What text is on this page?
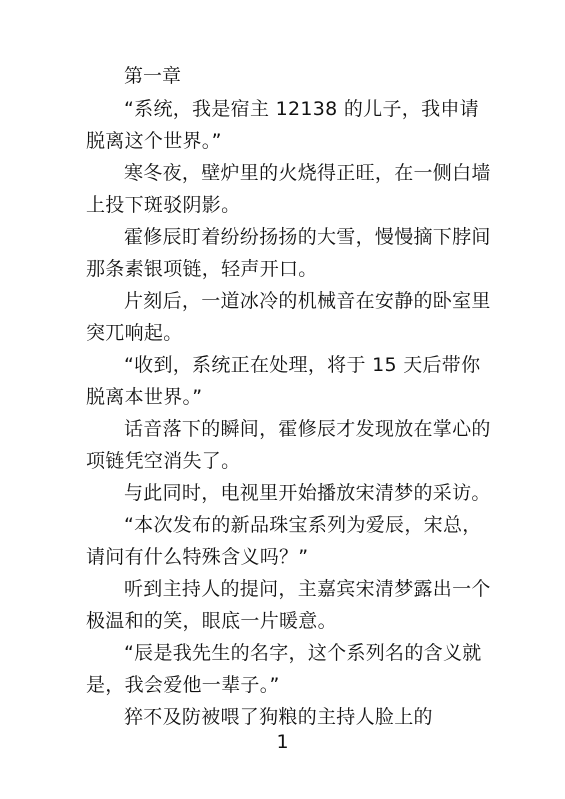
第一章

“系统，我是宿主 12138 的儿子，我申请脱离这个世界。”

寒冬夜，壁炉里的火烧得正旺，在一侧白墙上投下斑驳阴影。

霍修辰盯着纷纷扬扬的大雪，慢慢摘下脖间那条素银项链，轻声开口。

片刻后，一道冰冷的机械音在安静的卧室里突兀响起。

“收到，系统正在处理，将于 15 天后带你脱离本世界。”

话音落下的瞬间，霍修辰才发现放在掌心的项链凭空消失了。

与此同时，电视里开始播放宋清梦的采访。

“本次发布的新品珠宝系列为爱辰，宋总，请问有什么特殊含义吗？”

听到主持人的提问，主嘉宾宋清梦露出一个极温和的笑，眼底一片暖意。

“辰是我先生的名字，这个系列名的含义就是，我会爱他一辈子。”

猝不及防被喂了狗粮的主持人脸上的

1
